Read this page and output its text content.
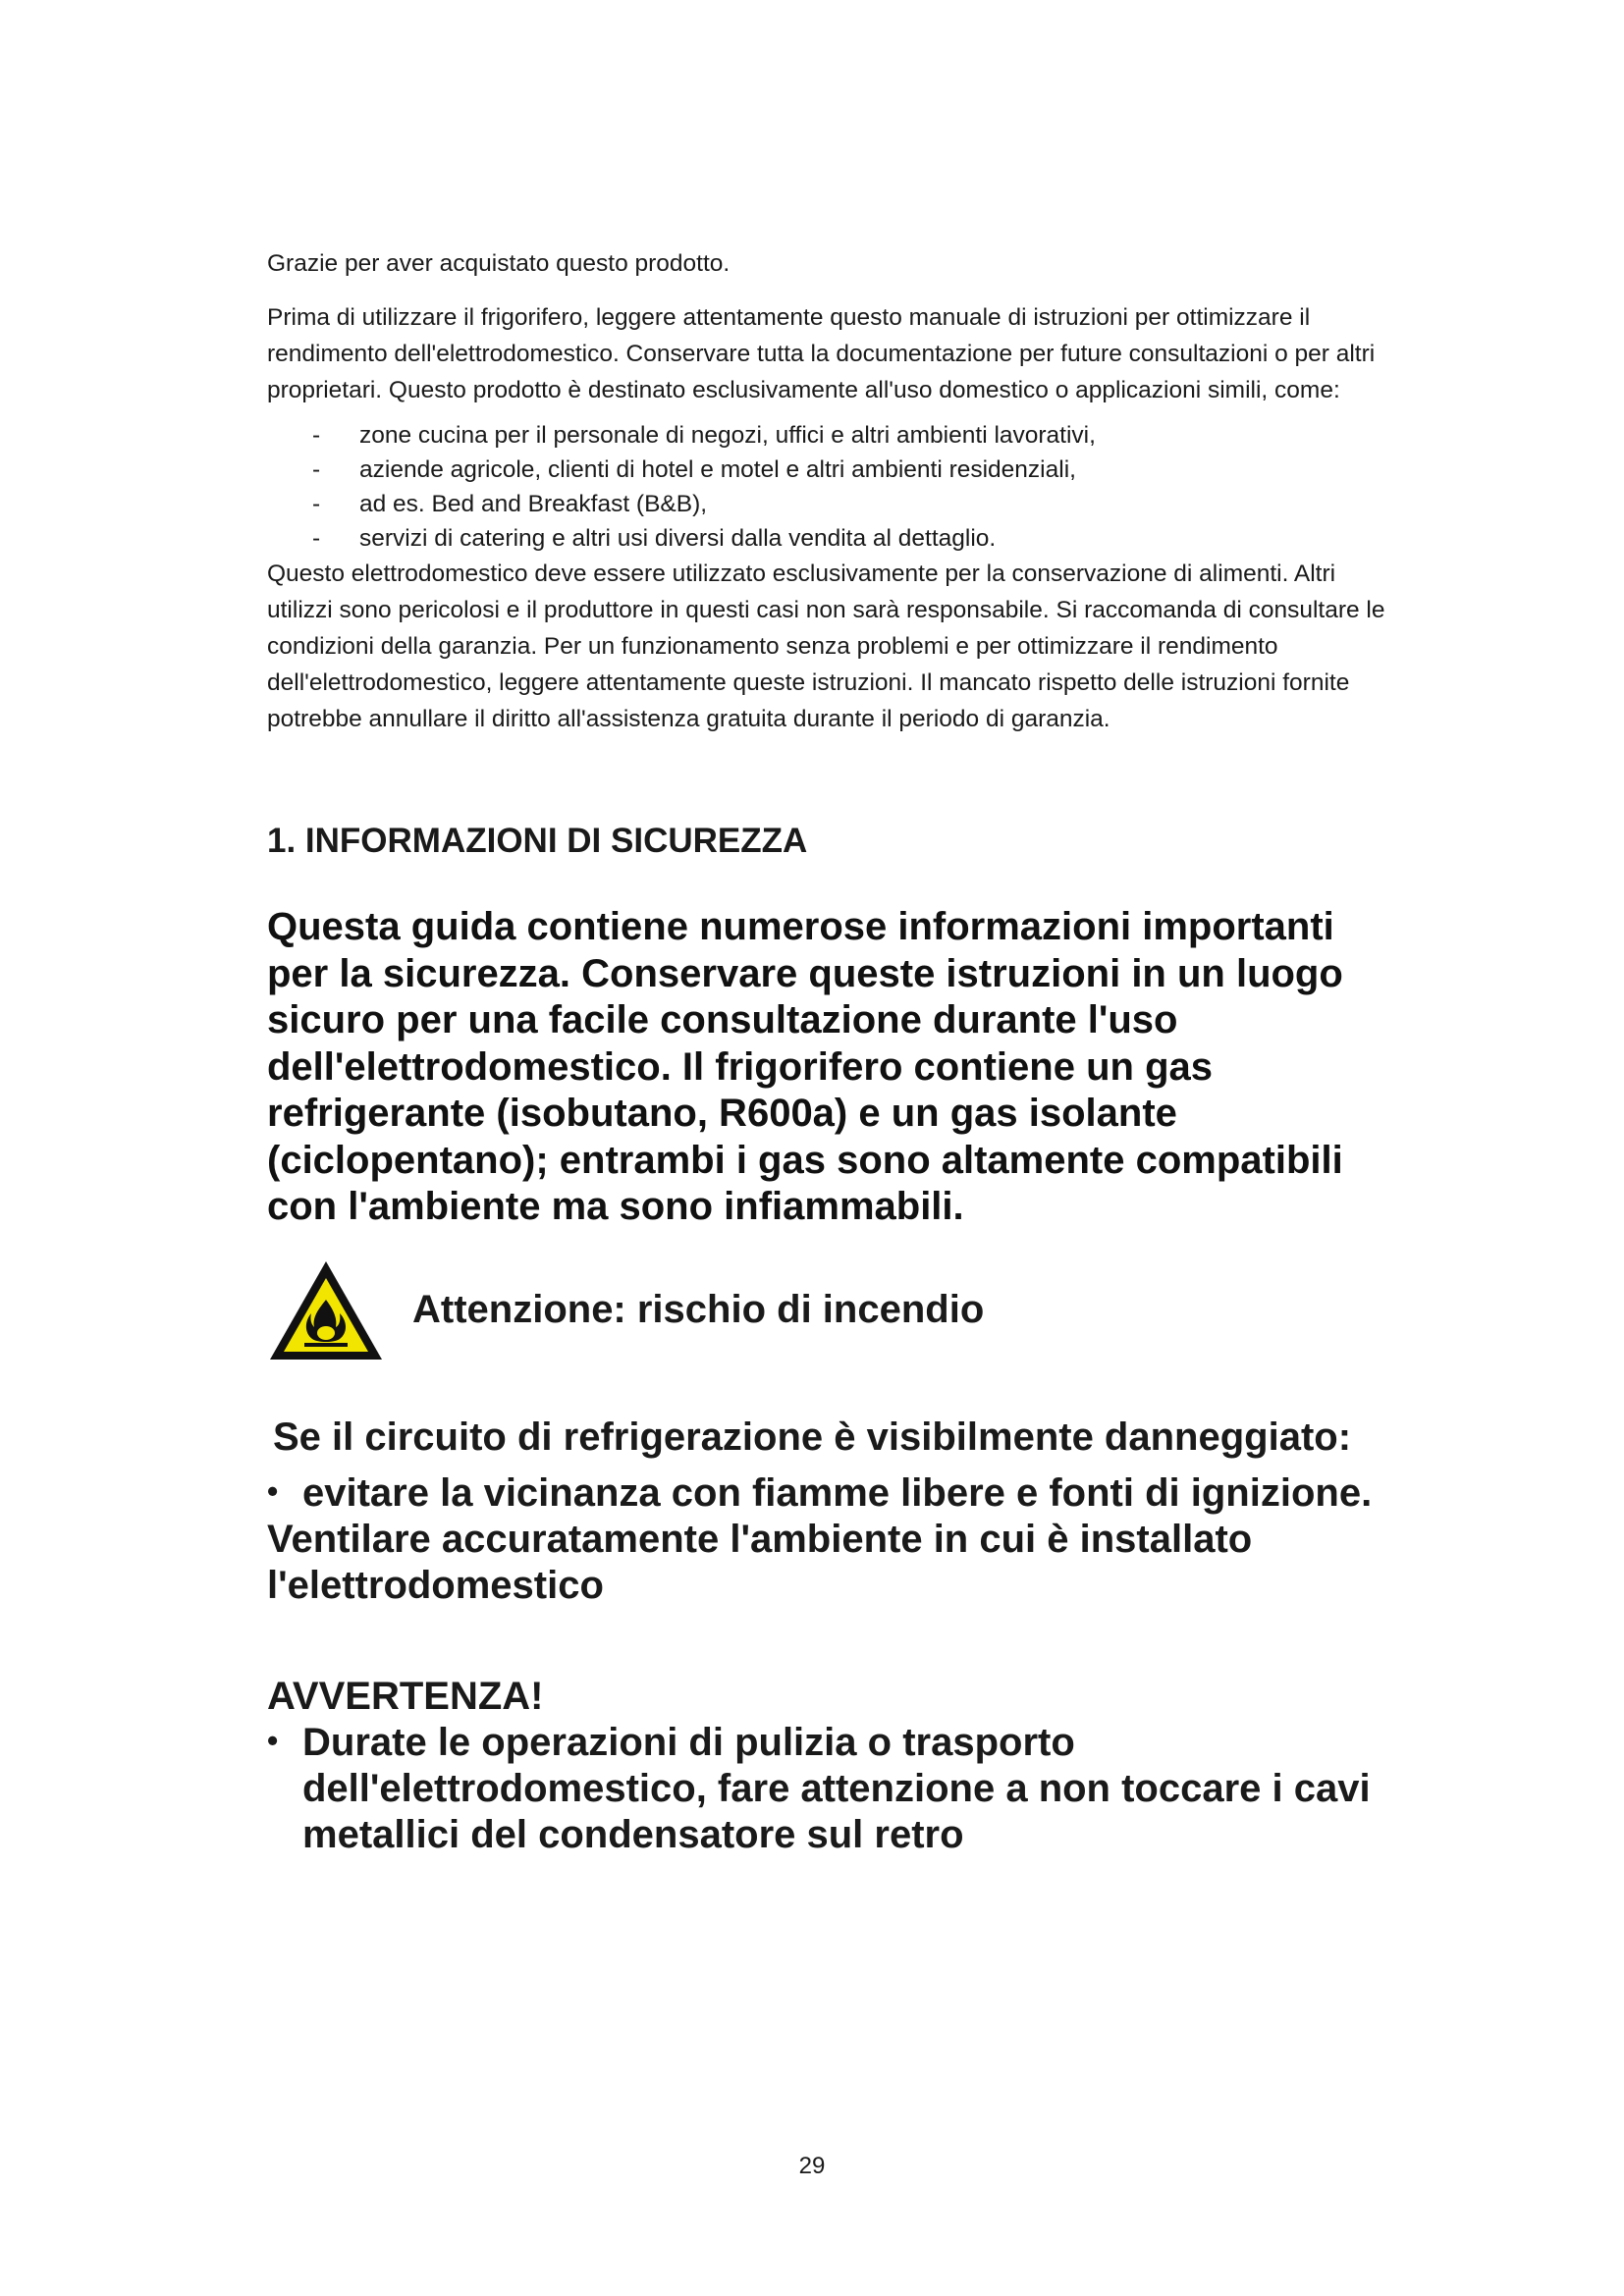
Grazie per aver acquistato questo prodotto.

Prima di utilizzare il frigorifero, leggere attentamente questo manuale di istruzioni per ottimizzare il rendimento dell'elettrodomestico. Conservare tutta la documentazione per future consultazioni o per altri proprietari. Questo prodotto è destinato esclusivamente all'uso domestico o applicazioni simili, come:

- zone cucina per il personale di negozi, uffici e altri ambienti lavorativi,
- aziende agricole, clienti di hotel e motel e altri ambienti residenziali,
- ad es. Bed and Breakfast (B&B),
- servizi di catering e altri usi diversi dalla vendita al dettaglio.

Questo elettrodomestico deve essere utilizzato esclusivamente per la conservazione di alimenti. Altri utilizzi sono pericolosi e il produttore in questi casi non sarà responsabile. Si raccomanda di consultare le condizioni della garanzia. Per un funzionamento senza problemi e per ottimizzare il rendimento dell'elettrodomestico, leggere attentamente queste istruzioni. Il mancato rispetto delle istruzioni fornite potrebbe annullare il diritto all'assistenza gratuita durante il periodo di garanzia.

1. INFORMAZIONI DI SICUREZZA

Questa guida contiene numerose informazioni importanti per la sicurezza. Conservare queste istruzioni in un luogo sicuro per una facile consultazione durante l'uso dell'elettrodomestico. Il frigorifero contiene un gas refrigerante (isobutano, R600a) e un gas isolante (ciclopentano); entrambi i gas sono altamente compatibili con l'ambiente ma sono infiammabili.

Attenzione: rischio di incendio

Se il circuito di refrigerazione è visibilmente danneggiato:

• evitare la vicinanza con fiamme libere e fonti di ignizione.

Ventilare accuratamente l'ambiente in cui è installato l'elettrodomestico

AVVERTENZA!

• Durate le operazioni di pulizia o trasporto dell'elettrodomestico, fare attenzione a non toccare i cavi metallici del condensatore sul retro
29
